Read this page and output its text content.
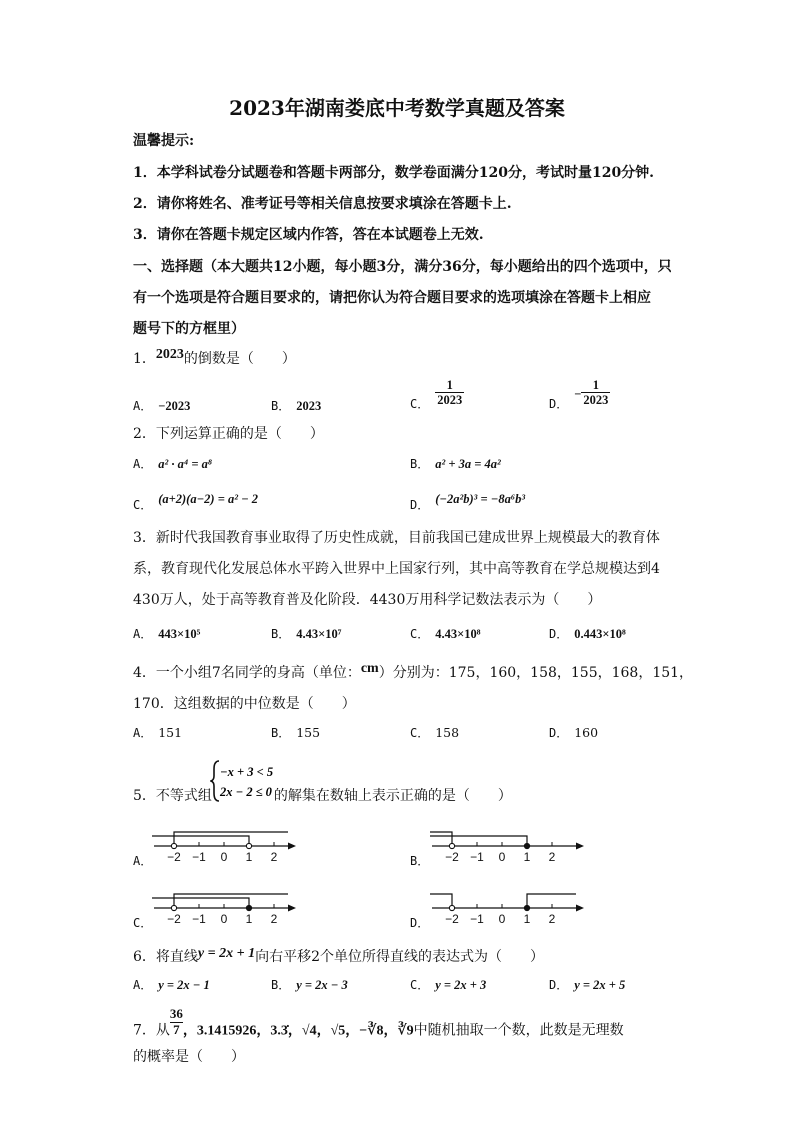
2023年湖南娄底中考数学真题及答案
温馨提示:
1．本学科试卷分试题卷和答题卡两部分，数学卷面满分120分，考试时量120分钟.
2．请你将姓名、准考证号等相关信息按要求填涂在答题卡上.
3．请你在答题卡规定区域内作答，答在本试题卷上无效.
一、选择题（本大题共12小题，每小题3分，满分36分，每小题给出的四个选项中，只
有一个选项是符合题目要求的，请把你认为符合题目要求的选项填涂在答题卡上相应
题号下的方框里）
1．2023的倒数是（　　）
A． −2023	B． 2023	C． $\frac{1}{2023}$	D．− $\frac{1}{2023}$
2．下列运算正确的是（　　）
A． a² · a⁴ = a⁸	B． a² + 3a = 4a²
C． (a+2)(a−2) = a² − 2	D． (−2a²b)³ = −8a⁶b³
3．新时代我国教育事业取得了历史性成就，目前我国已建成世界上规模最大的教育体
系，教育现代化发展总体水平跨入世界中上国家行列，其中高等教育在学总规模达到4
430万人，处于高等教育普及化阶段．4430万用科学记数法表示为（　　）
A． 443×10⁵	B． 4.43×10⁷	C． 4.43×10⁸	D． 0.443×10⁸
4．一个小组7名同学的身高（单位：cm）分别为：175，160，158，155，168，151，
170．这组数据的中位数是（　　）
A． 151	B． 155	C． 158	D． 160
5．不等式组	的解集在数轴上表示正确的是（　　）
−x + 3 < 5
2x − 2 ≤ 0
A．	B．
C．	D．
−2 −1 0 1 2	−2 −1 0 1 2
−2 −1 0 1 2	−2 −1 0 1 2
6．将直线y = 2x + 1向右平移2个单位所得直线的表达式为（　　）
A． y = 2x − 1	B． y = 2x − 3	C． y = 2x + 3	D． y = 2x + 5
7．从 $\frac{36}{7}$ ，3.1415926，3.3̇，√4，√5，−∛8，∛9中随机抽取一个数，此数是无理数
的概率是（　　）
